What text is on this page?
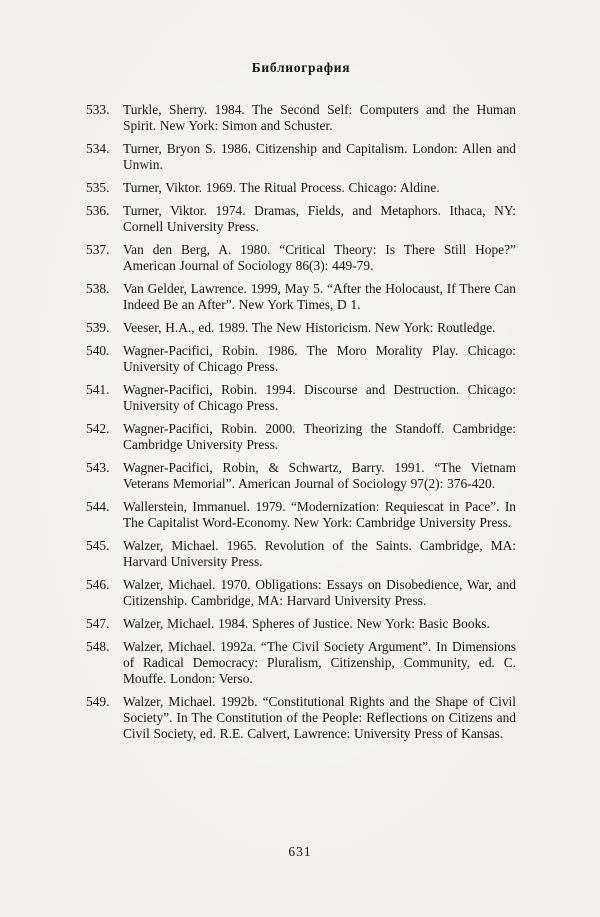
Библиография
533. Turkle, Sherry. 1984. The Second Self: Computers and the Human Spirit. New York: Simon and Schuster.
534. Turner, Bryon S. 1986. Citizenship and Capitalism. London: Allen and Unwin.
535. Turner, Viktor. 1969. The Ritual Process. Chicago: Aldine.
536. Turner, Viktor. 1974. Dramas, Fields, and Metaphors. Ithaca, NY: Cornell University Press.
537. Van den Berg, A. 1980. “Critical Theory: Is There Still Hope?” American Journal of Sociology 86(3): 449-79.
538. Van Gelder, Lawrence. 1999, May 5. “After the Holocaust, If There Can Indeed Be an After”. New York Times, D 1.
539. Veeser, H.A., ed. 1989. The New Historicism. New York: Routledge.
540. Wagner-Pacifici, Robin. 1986. The Moro Morality Play. Chicago: University of Chicago Press.
541. Wagner-Pacifici, Robin. 1994. Discourse and Destruction. Chicago: University of Chicago Press.
542. Wagner-Pacifici, Robin. 2000. Theorizing the Standoff. Cambridge: Cambridge University Press.
543. Wagner-Pacifici, Robin, & Schwartz, Barry. 1991. “The Vietnam Veterans Memorial”. American Journal of Sociology 97(2): 376-420.
544. Wallerstein, Immanuel. 1979. “Modernization: Requiescat in Pace”. In The Capitalist Word-Economy. New York: Cambridge University Press.
545. Walzer, Michael. 1965. Revolution of the Saints. Cambridge, MA: Harvard University Press.
546. Walzer, Michael. 1970. Obligations: Essays on Disobedience, War, and Citizenship. Cambridge, MA: Harvard University Press.
547. Walzer, Michael. 1984. Spheres of Justice. New York: Basic Books.
548. Walzer, Michael. 1992a. “The Civil Society Argument”. In Dimensions of Radical Democracy: Pluralism, Citizenship, Community, ed. C. Mouffe. London: Verso.
549. Walzer, Michael. 1992b. “Constitutional Rights and the Shape of Civil Society”. In The Constitution of the People: Reflections on Citizens and Civil Society, ed. R.E. Calvert, Lawrence: University Press of Kansas.
631
